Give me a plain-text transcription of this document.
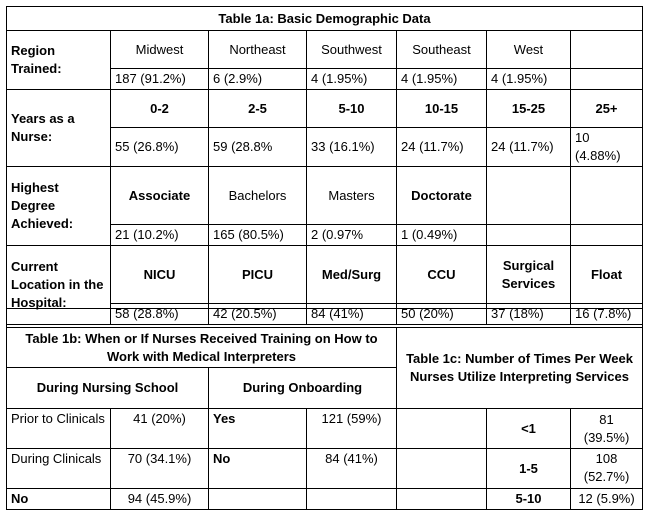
Table 1a: Basic Demographic Data						
Region Trained:	Midwest	Northeast	Southwest	Southeast	West	
	187 (91.2%)	6 (2.9%)	4 (1.95%)	4 (1.95%)	4 (1.95%)	
Years as a Nurse:	0-2	2-5	5-10	10-15	15-25	25+
	55 (26.8%)	59 (28.8%	33 (16.1%)	24 (11.7%)	24 (11.7%)	10 (4.88%)
Highest Degree Achieved:	Associate	Bachelors	Masters	Doctorate		
	21 (10.2%)	165 (80.5%)	2 (0.97%	1 (0.49%)		
Current Location in the Hospital:	NICU	PICU	Med/Surg	CCU	Surgical Services	Float
	58 (28.8%)	42 (20.5%)	84 (41%)	50 (20%)	37 (18%)	16 (7.8%)

Table 1b: When or If Nurses Received Training on How to Work with Medical Interpreters				Table 1c: Number of Times Per Week Nurses Utilize Interpreting Services		
During Nursing School		During Onboarding				
Prior to Clinicals	41 (20%)	Yes	121 (59%)		<1	81 (39.5%)
During Clinicals	70 (34.1%)	No	84 (41%)		1-5	108 (52.7%)
No	94 (45.9%)				5-10	12 (5.9%)
